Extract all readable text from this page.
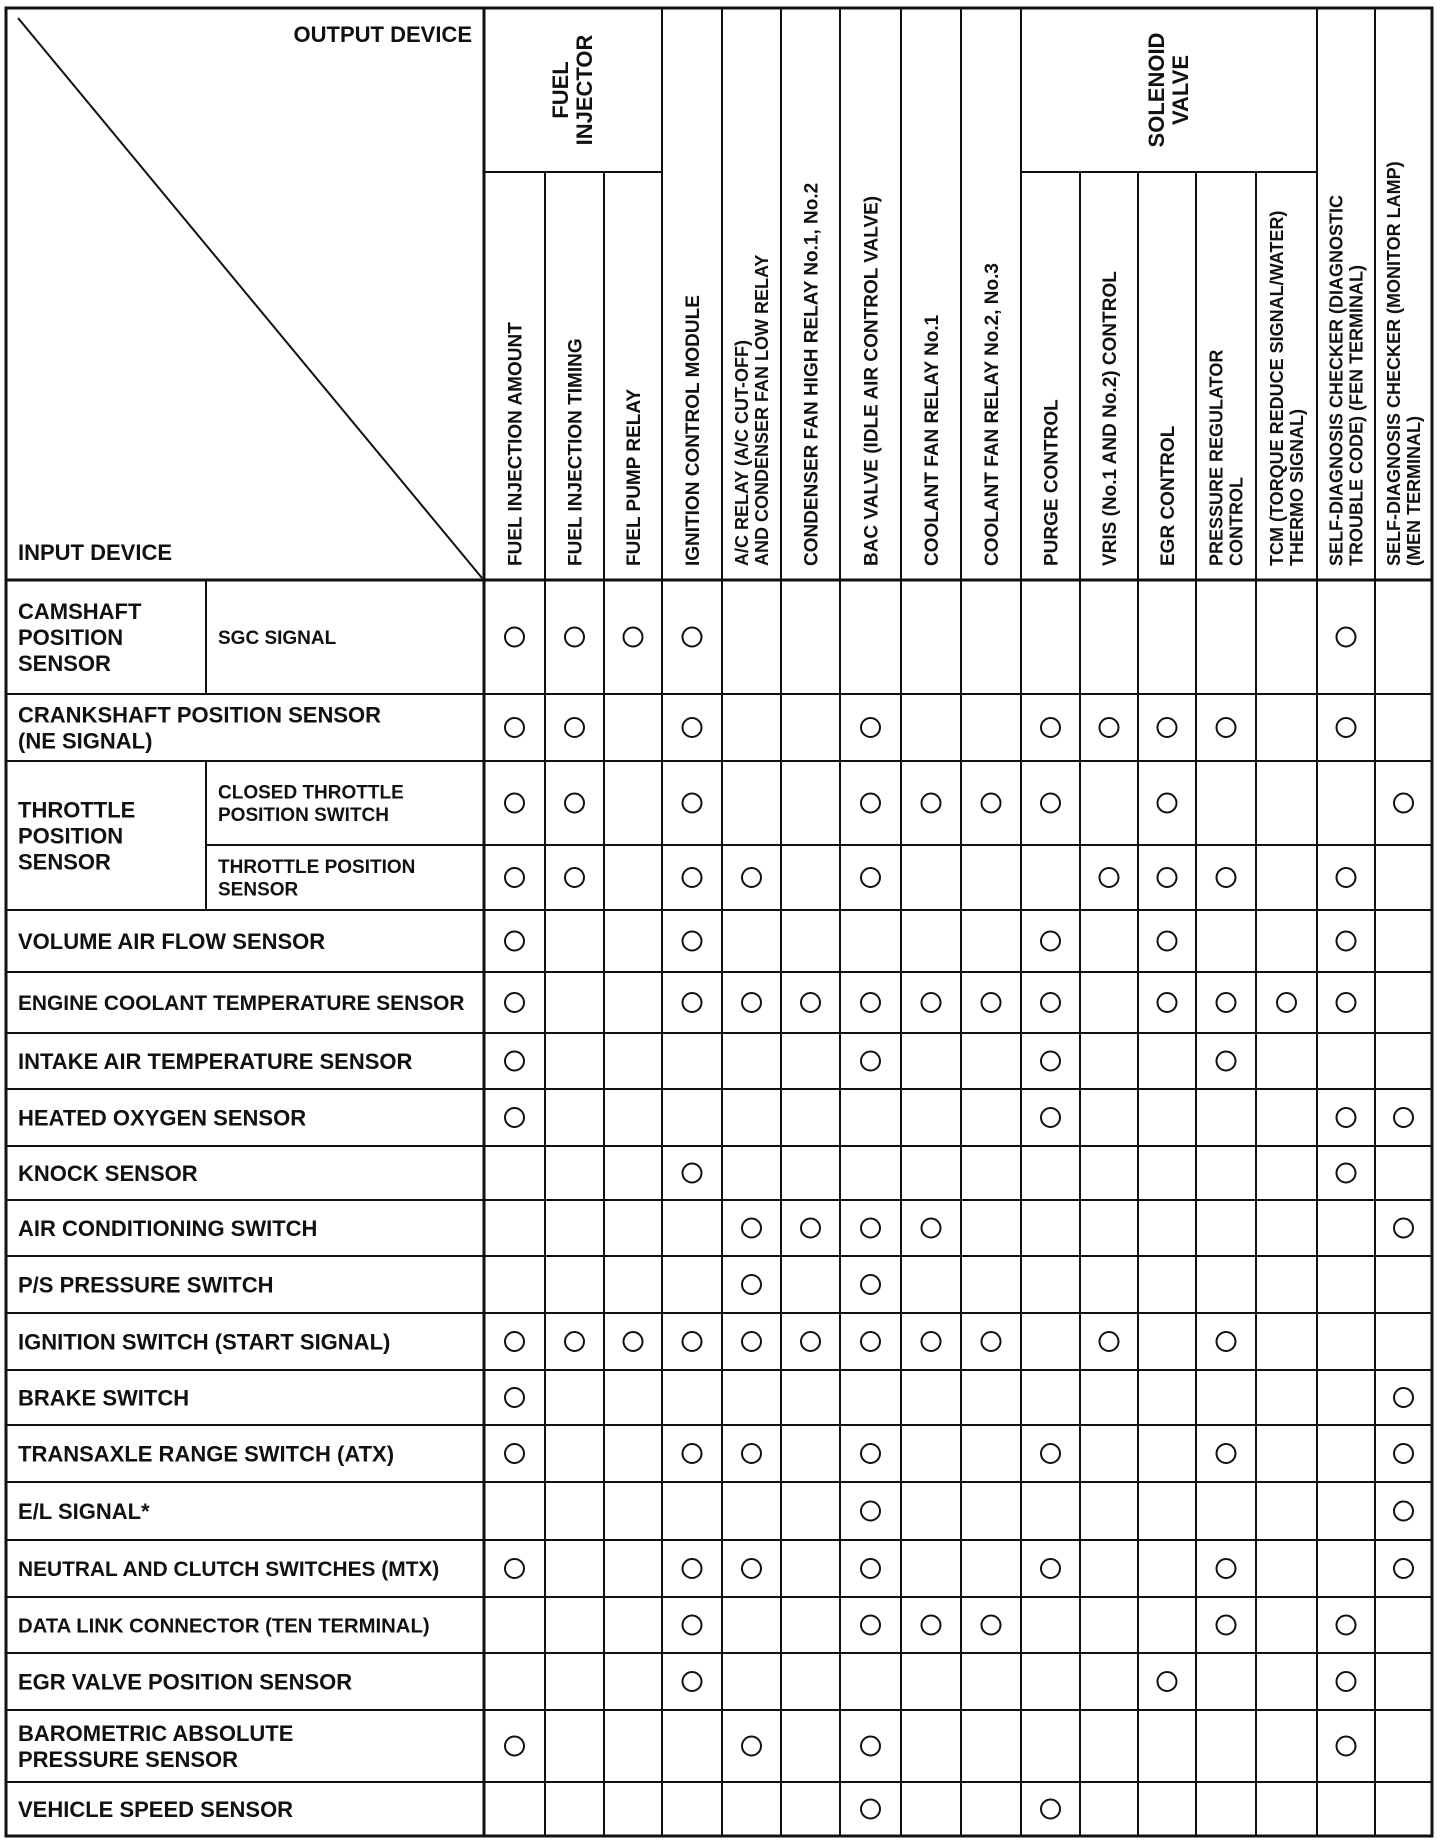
FUEL INJECTOR	SOLENOID VALVE
FUEL INJECTION AMOUNT FUEL INJECTION TIMING FUEL PUMP RELAY IGNITION CONTROL MODULE A/C RELAY (A/C CUT-OFF) AND CONDENSER FAN LOW RELAY CONDENSER FAN HIGH RELAY No.1, No.2 BAC VALVE (IDLE AIR CONTROL VALVE) COOLANT FAN RELAY No.1 COOLANT FAN RELAY No.2, No.3 PURGE CONTROL VRIS (No.1 AND No.2) CONTROL EGR CONTROL PRESSURE REGULATOR CONTROL TCM (TORQUE REDUCE SIGNAL/WATER) THERMO SIGNAL) SELF-DIAGNOSIS CHECKER (DIAGNOSTIC TROUBLE CODE) (FEN TERMINAL) SELF-DIAGNOSIS CHECKER (MONITOR LAMP) (MEN TERMINAL)
CAMSHAFT
POSITION
SENSOR
SGC SIGNAL
CRANKSHAFT POSITION SENSOR
(NE SIGNAL)
THROTTLE
POSITION
SENSOR
CLOSED THROTTLE
POSITION SWITCH
THROTTLE POSITION
SENSOR
VOLUME AIR FLOW SENSOR
ENGINE COOLANT TEMPERATURE SENSOR
INTAKE AIR TEMPERATURE SENSOR
HEATED OXYGEN SENSOR
KNOCK SENSOR
AIR CONDITIONING SWITCH
P/S PRESSURE SWITCH
IGNITION SWITCH (START SIGNAL)
BRAKE SWITCH
TRANSAXLE RANGE SWITCH (ATX)
E/L SIGNAL*
NEUTRAL AND CLUTCH SWITCHES (MTX)
DATA LINK CONNECTOR (TEN TERMINAL)
EGR VALVE POSITION SENSOR
BAROMETRIC ABSOLUTE
PRESSURE SENSOR
VEHICLE SPEED SENSOR
OUTPUT DEVICE
INPUT DEVICE
